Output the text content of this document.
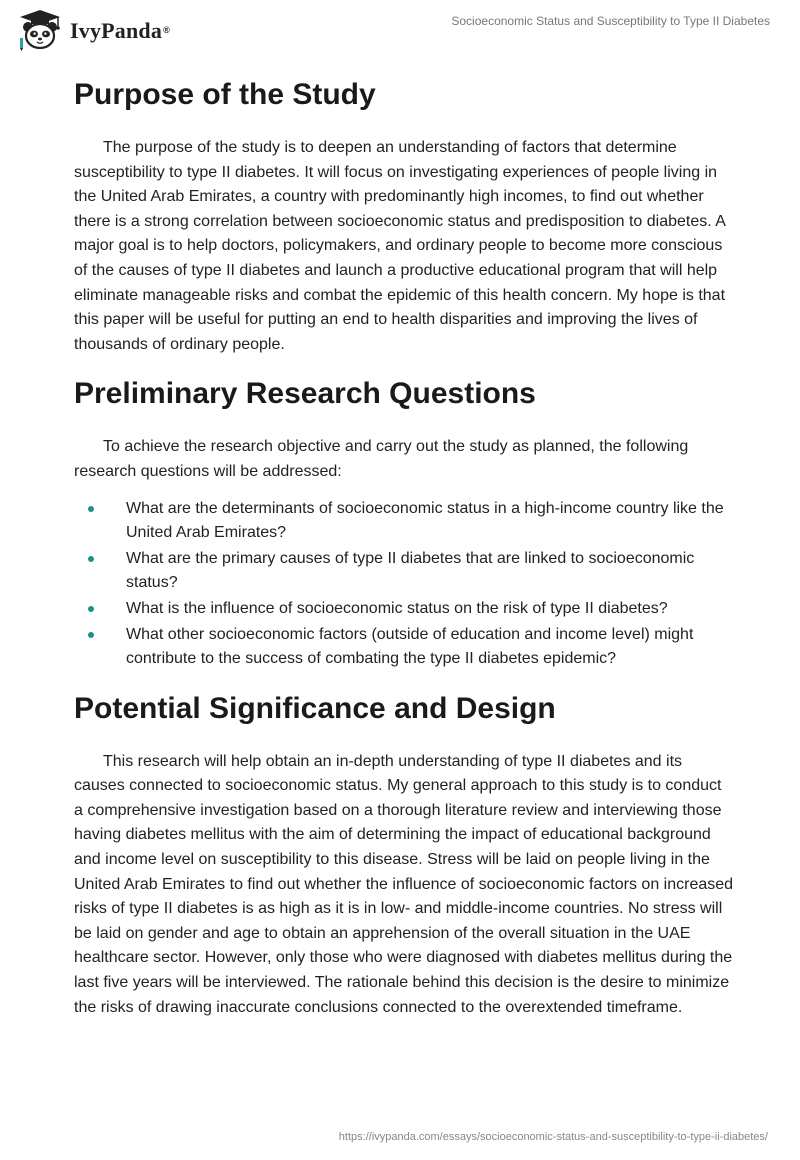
IvyPanda ®
Socioeconomic Status and Susceptibility to Type II Diabetes
Purpose of the Study

The purpose of the study is to deepen an understanding of factors that determine susceptibility to type II diabetes. It will focus on investigating experiences of people living in the United Arab Emirates, a country with predominantly high incomes, to find out whether there is a strong correlation between socioeconomic status and predisposition to diabetes. A major goal is to help doctors, policymakers, and ordinary people to become more conscious of the causes of type II diabetes and launch a productive educational program that will help eliminate manageable risks and combat the epidemic of this health concern. My hope is that this paper will be useful for putting an end to health disparities and improving the lives of thousands of ordinary people.

Preliminary Research Questions

To achieve the research objective and carry out the study as planned, the following research questions will be addressed:

What are the determinants of socioeconomic status in a high-income country like the United Arab Emirates?
What are the primary causes of type II diabetes that are linked to socioeconomic status?
What is the influence of socioeconomic status on the risk of type II diabetes?
What other socioeconomic factors (outside of education and income level) might contribute to the success of combating the type II diabetes epidemic?
Potential Significance and Design

This research will help obtain an in-depth understanding of type II diabetes and its causes connected to socioeconomic status. My general approach to this study is to conduct a comprehensive investigation based on a thorough literature review and interviewing those having diabetes mellitus with the aim of determining the impact of educational background and income level on susceptibility to this disease. Stress will be laid on people living in the United Arab Emirates to find out whether the influence of socioeconomic factors on increased risks of type II diabetes is as high as it is in low- and middle-income countries. No stress will be laid on gender and age to obtain an apprehension of the overall situation in the UAE healthcare sector. However, only those who were diagnosed with diabetes mellitus during the last five years will be interviewed. The rationale behind this decision is the desire to minimize the risks of drawing inaccurate conclusions connected to the overextended timeframe.

https://ivypanda.com/essays/socioeconomic-status-and-susceptibility-to-type-ii-diabetes/
